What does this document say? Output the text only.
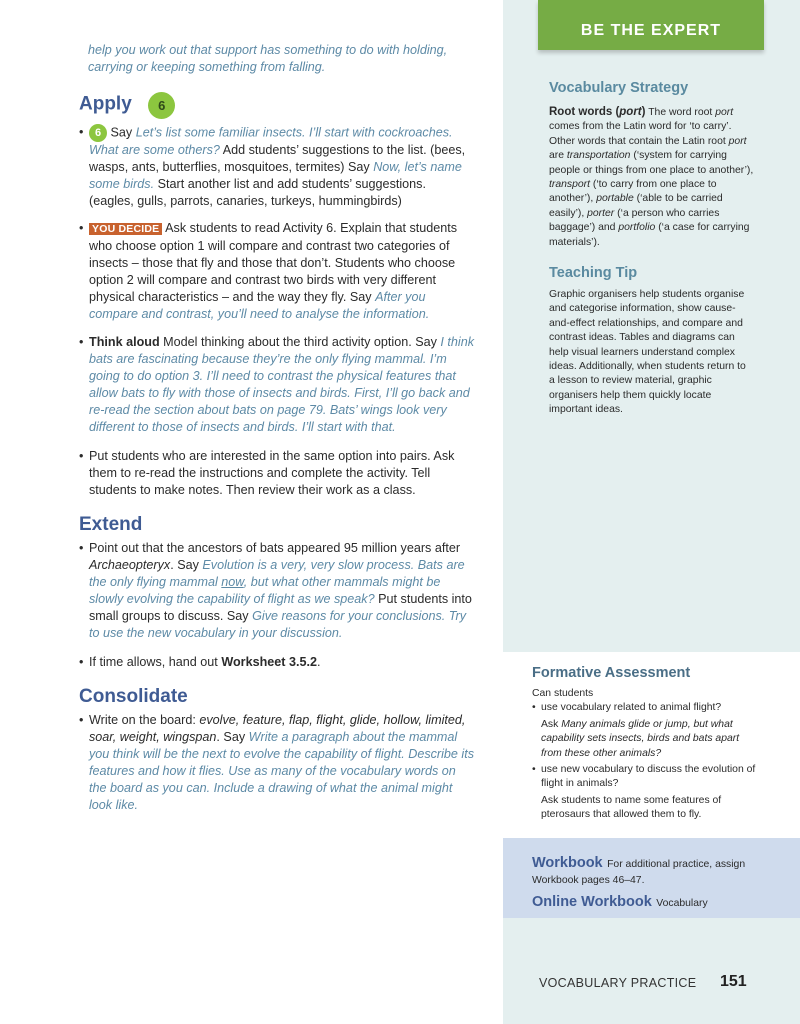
help you work out that support has something to do with holding, carrying or keeping something from falling.
Apply 6
•	6 Say Let’s list some familiar insects. I’ll start with cockroaches. What are some others? Add students’ suggestions to the list. (bees, wasps, ants, butterflies, mosquitoes, termites) Say Now, let’s name some birds. Start another list and add students’ suggestions. (eagles, gulls, parrots, canaries, turkeys, hummingbirds)
• YOU DECIDE Ask students to read Activity 6. Explain that students who choose option 1 will compare and contrast two categories of insects – those that fly and those that don’t. Students who choose option 2 will compare and contrast two birds with very different physical characteristics – and the way they fly. Say After you compare and contrast, you’ll need to analyse the information.
• Think aloud Model thinking about the third activity option. Say I think bats are fascinating because they’re the only flying mammal. I’m going to do option 3. I’ll need to contrast the physical features that allow bats to fly with those of insects and birds. First, I’ll go back and re-read the section about bats on page 79. Bats’ wings look very different to those of insects and birds. I’ll start with that.
• Put students who are interested in the same option into pairs. Ask them to re-read the instructions and complete the activity. Tell students to make notes. Then review their work as a class.
Extend
• Point out that the ancestors of bats appeared 95 million years after Archaeopteryx. Say Evolution is a very, very slow process. Bats are the only flying mammal now, but what other mammals might be slowly evolving the capability of flight as we speak? Put students into small groups to discuss. Say Give reasons for your conclusions. Try to use the new vocabulary in your discussion.
• If time allows, hand out Worksheet 3.5.2.
Consolidate
• Write on the board: evolve, feature, flap, flight, glide, hollow, limited, soar, weight, wingspan. Say Write a paragraph about the mammal you think will be the next to evolve the capability of flight. Describe its features and how it flies. Use as many of the vocabulary words on the board as you can. Include a drawing of what the animal might look like.
BE THE EXPERT
Vocabulary Strategy
Root words (port) The word root port comes from the Latin word for ‘to carry’. Other words that contain the Latin root port are transportation (‘system for carrying people or things from one place to another’), transport (‘to carry from one place to another’), portable (‘able to be carried easily’), porter (‘a person who carries baggage’) and portfolio (‘a case for carrying materials’).
Teaching Tip
Graphic organisers help students organise and categorise information, show cause-and-effect relationships, and compare and contrast ideas. Tables and diagrams can help visual learners understand complex ideas. Additionally, when students return to a lesson to review material, graphic organisers help them quickly locate important ideas.
Formative Assessment
Can students
• use vocabulary related to animal flight?
Ask Many animals glide or jump, but what capability sets insects, birds and bats apart from these other animals?
• use new vocabulary to discuss the evolution of flight in animals?
Ask students to name some features of pterosaurs that allowed them to fly.
Workbook For additional practice, assign Workbook pages 46–47.
Online Workbook Vocabulary
VOCABULARY PRACTICE 151
